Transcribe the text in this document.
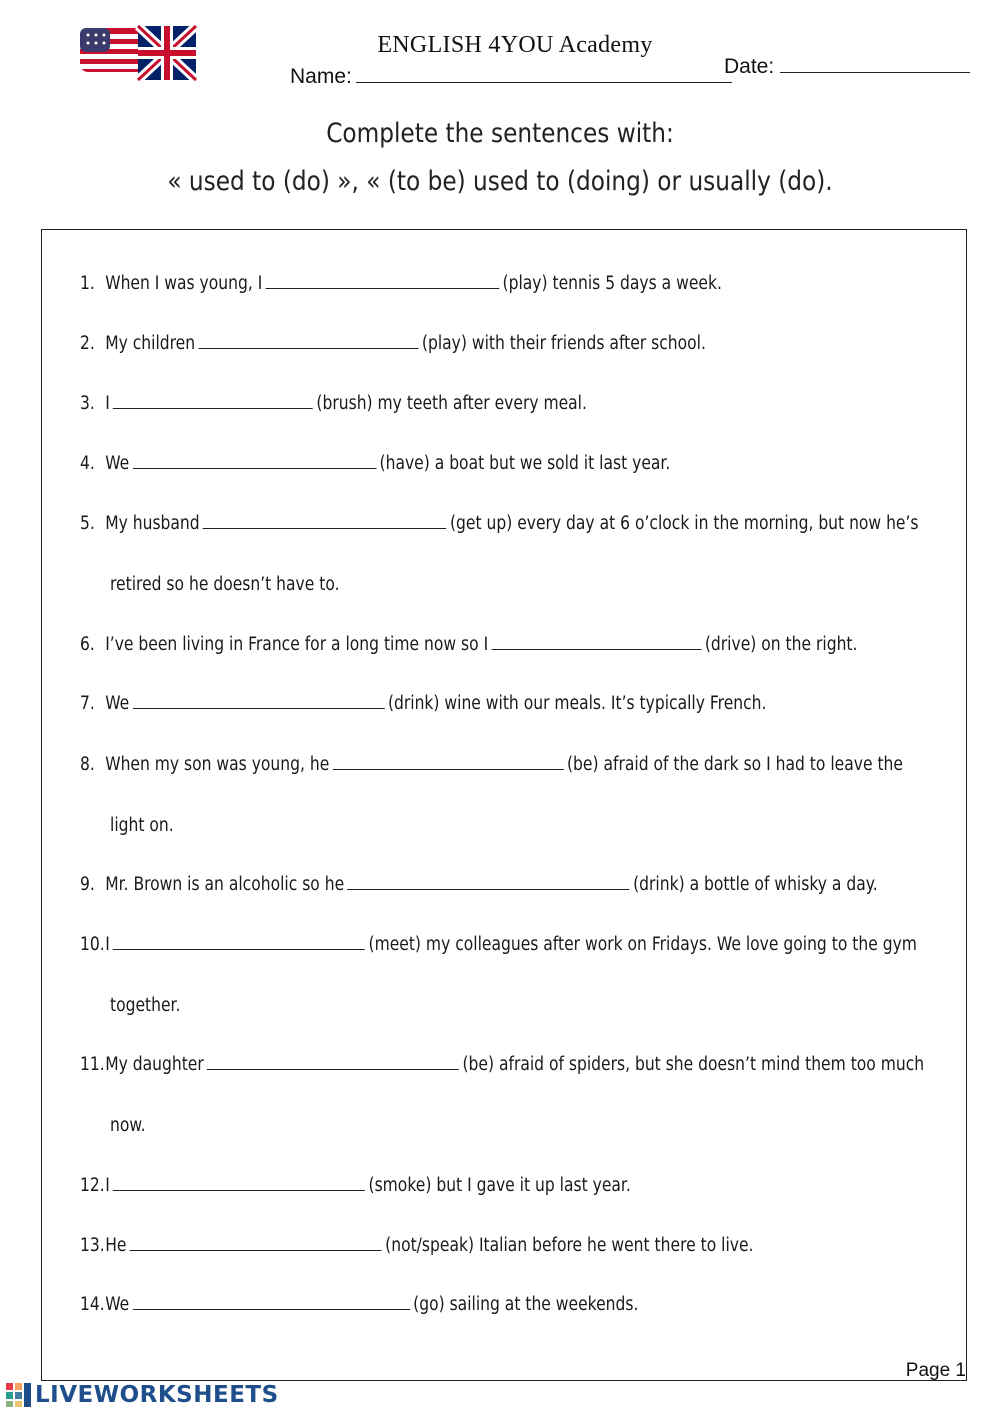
ENGLISH 4YOU Academy
Name:	Date:
Complete the sentences with:
« used to (do) », « (to be) used to (doing) or usually (do).
1. When I was young, I	(play) tennis 5 days a week.
2. My children	(play) with their friends after school.
3. I	(brush) my teeth after every meal.
4. We	(have) a boat but we sold it last year.
5. My husband	(get up) every day at 6 o’clock in the morning, but now he’s
retired so he doesn’t have to.
6. I’ve been living in France for a long time now so I	(drive) on the right.
7. We	(drink) wine with our meals. It’s typically French.
8. When my son was young, he	(be) afraid of the dark so I had to leave the
light on.
9. Mr. Brown is an alcoholic so he	(drink) a bottle of whisky a day.
10.I	(meet) my colleagues after work on Fridays. We love going to the gym
together.
11.My daughter	(be) afraid of spiders, but she doesn’t mind them too much
now.
12.I	(smoke) but I gave it up last year.
13.He	(not/speak) Italian before he went there to live.
14.We	(go) sailing at the weekends.
Page 1
LIVEWORKSHEETS
